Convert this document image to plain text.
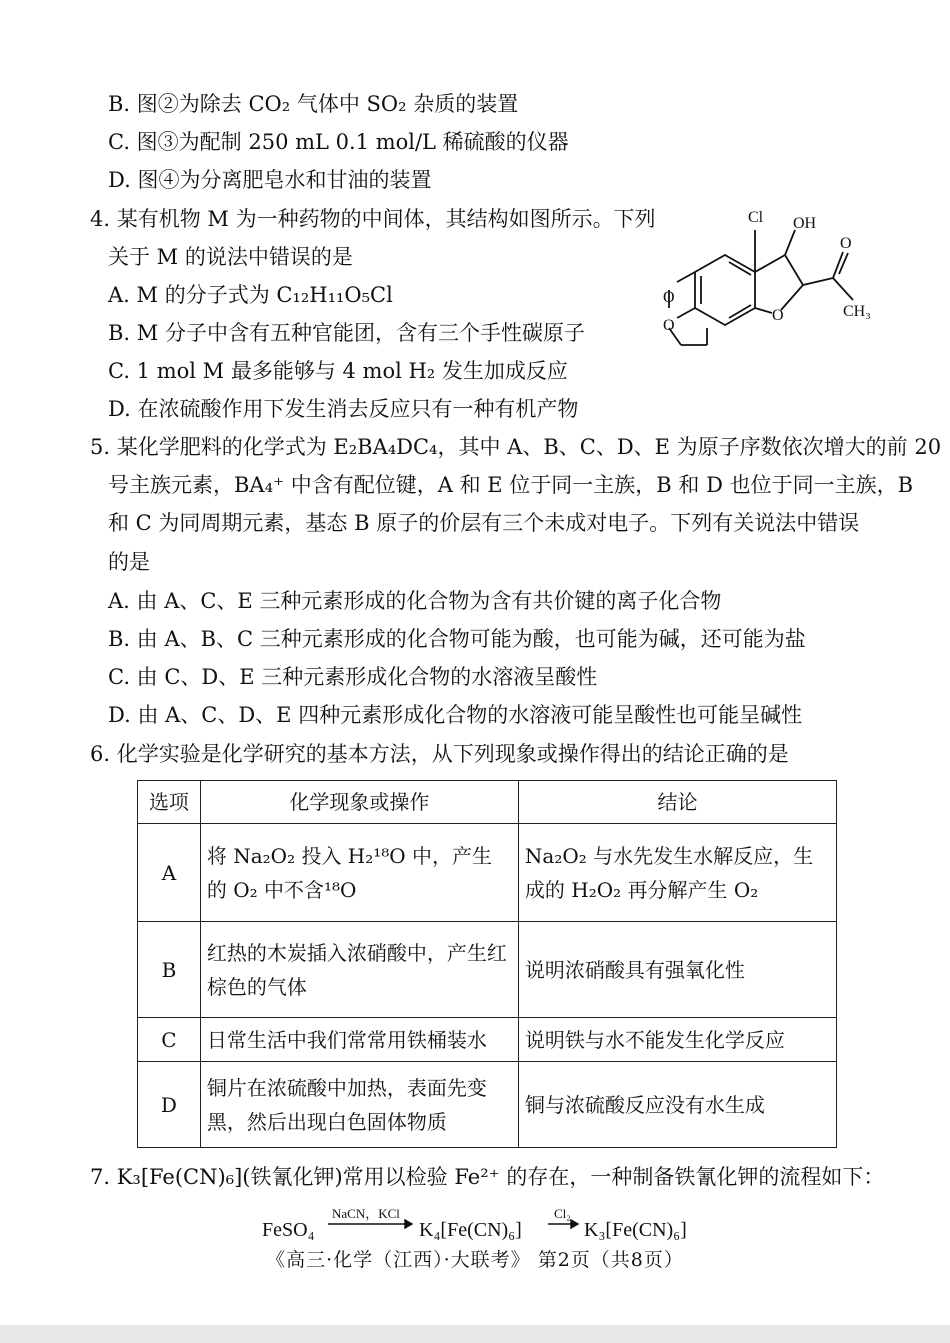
B. 图②为除去 CO₂ 气体中 SO₂ 杂质的装置
C. 图③为配制 250 mL 0.1 mol/L 稀硫酸的仪器
D. 图④为分离肥皂水和甘油的装置
4. 某有机物 M 为一种药物的中间体，其结构如图所示。下列
关于 M 的说法中错误的是
A. M 的分子式为 C₁₂H₁₁O₅Cl
B. M 分子中含有五种官能团，含有三个手性碳原子
C. 1 mol M 最多能够与 4 mol H₂ 发生加成反应
D. 在浓硫酸作用下发生消去反应只有一种有机产物
Cl OH
O
CH₃
O
O
O
5. 某化学肥料的化学式为 E₂BA₄DC₄，其中 A、B、C、D、E 为原子序数依次增大的前 20
号主族元素，BA₄⁺ 中含有配位键，A 和 E 位于同一主族，B 和 D 也位于同一主族，B
和 C 为同周期元素，基态 B 原子的价层有三个未成对电子。下列有关说法中错误
的是
A. 由 A、C、E 三种元素形成的化合物为含有共价键的离子化合物
B. 由 A、B、C 三种元素形成的化合物可能为酸，也可能为碱，还可能为盐
C. 由 C、D、E 三种元素形成化合物的水溶液呈酸性
D. 由 A、C、D、E 四种元素形成化合物的水溶液可能呈酸性也可能呈碱性
6. 化学实验是化学研究的基本方法，从下列现象或操作得出的结论正确的是
选项	化学现象或操作	结论
A	将 Na₂O₂ 投入 H₂¹⁸O 中，产生的 O₂ 中不含¹⁸O	Na₂O₂ 与水先发生水解反应，生成的 H₂O₂ 再分解产生 O₂
B	红热的木炭插入浓硝酸中，产生红棕色的气体	说明浓硝酸具有强氧化性
C	日常生活中我们常常用铁桶装水	说明铁与水不能发生化学反应
D	铜片在浓硫酸中加热，表面先变黑，然后出现白色固体物质	铜与浓硫酸反应没有水生成
7. K₃[Fe(CN)₆](铁氰化钾)常用以检验 Fe²⁺ 的存在，一种制备铁氰化钾的流程如下：
FeSO₄
NaCN，KCl
K₄[Fe(CN)₆]
Cl₂
K₃[Fe(CN)₆]
《高三·化学（江西）·大联考》 第2页（共8页）
